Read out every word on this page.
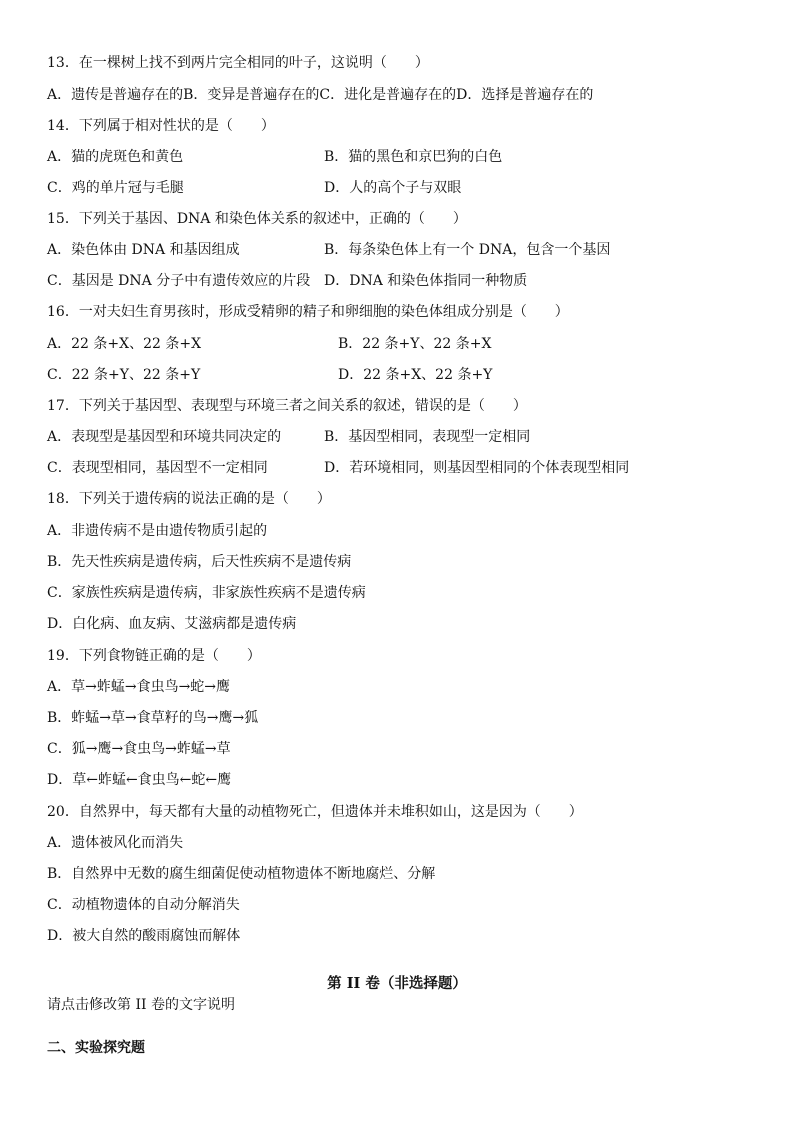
13．在一棵树上找不到两片完全相同的叶子，这说明（　　）
A．遗传是普遍存在的B．变异是普遍存在的C．进化是普遍存在的D．选择是普遍存在的
14．下列属于相对性状的是（　　）
A．猫的虎斑色和黄色	B．猫的黑色和京巴狗的白色
C．鸡的单片冠与毛腿	D．人的高个子与双眼
15．下列关于基因、DNA 和染色体关系的叙述中，正确的（　　）
A．染色体由 DNA 和基因组成	B．每条染色体上有一个 DNA，包含一个基因
C．基因是 DNA 分子中有遗传效应的片段 D．DNA 和染色体指同一种物质
16．一对夫妇生育男孩时，形成受精卵的精子和卵细胞的染色体组成分别是（　　）
A．22 条+X、22 条+X	B．22 条+Y、22 条+X
C．22 条+Y、22 条+Y	D．22 条+X、22 条+Y
17．下列关于基因型、表现型与环境三者之间关系的叙述，错误的是（　　）
A．表现型是基因型和环境共同决定的	B．基因型相同，表现型一定相同
C．表现型相同，基因型不一定相同	D．若环境相同，则基因型相同的个体表现型相同
18．下列关于遗传病的说法正确的是（　　）
A．非遗传病不是由遗传物质引起的
B．先天性疾病是遗传病，后天性疾病不是遗传病
C．家族性疾病是遗传病，非家族性疾病不是遗传病
D．白化病、血友病、艾滋病都是遗传病
19．下列食物链正确的是（　　）
A．草→蚱蜢→食虫鸟→蛇→鹰
B．蚱蜢→草→食草籽的鸟→鹰→狐
C．狐→鹰→食虫鸟→蚱蜢→草
D．草←蚱蜢←食虫鸟←蛇←鹰
20．自然界中，每天都有大量的动植物死亡，但遗体并未堆积如山，这是因为（　　）
A．遗体被风化而消失
B．自然界中无数的腐生细菌促使动植物遗体不断地腐烂、分解
C．动植物遗体的自动分解消失
D．被大自然的酸雨腐蚀而解体
第 II 卷（非选择题）
请点击修改第 II 卷的文字说明
二、实验探究题
